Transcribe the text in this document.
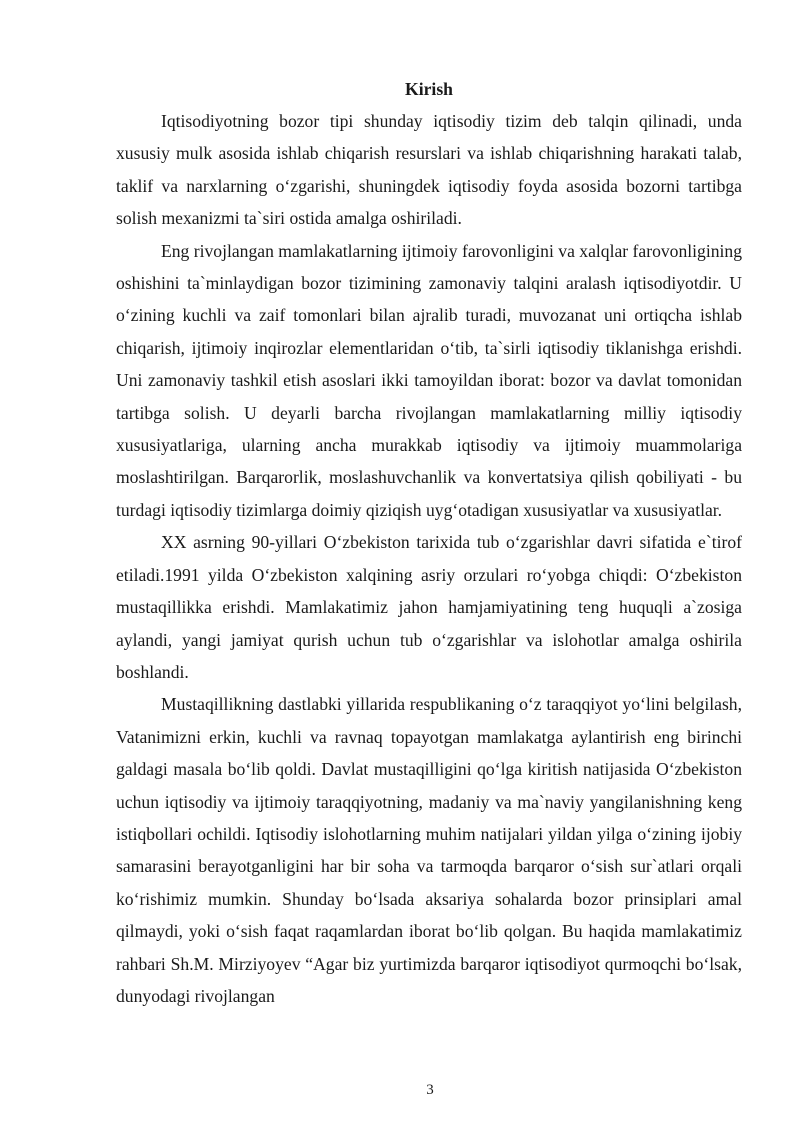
Kirish

Iqtisodiyotning bozor tipi shunday iqtisodiy tizim deb talqin qilinadi, unda xususiy mulk asosida ishlab chiqarish resurslari va ishlab chiqarishning harakati talab, taklif va narxlarning o‘zgarishi, shuningdek iqtisodiy foyda asosida bozorni tartibga solish mexanizmi ta`siri ostida amalga oshiriladi.

Eng rivojlangan mamlakatlarning ijtimoiy farovonligini va xalqlar farovonligining oshishini ta`minlaydigan bozor tizimining zamonaviy talqini aralash iqtisodiyotdir. U o‘zining kuchli va zaif tomonlari bilan ajralib turadi, muvozanat uni ortiqcha ishlab chiqarish, ijtimoiy inqirozlar elementlaridan o‘tib, ta`sirli iqtisodiy tiklanishga erishdi. Uni zamonaviy tashkil etish asoslari ikki tamoyildan iborat: bozor va davlat tomonidan tartibga solish. U deyarli barcha rivojlangan mamlakatlarning milliy iqtisodiy xususiyatlariga, ularning ancha murakkab iqtisodiy va ijtimoiy muammolariga moslashtirilgan. Barqarorlik, moslashuvchanlik va konvertatsiya qilish qobiliyati - bu turdagi iqtisodiy tizimlarga doimiy qiziqish uyg‘otadigan xususiyatlar va xususiyatlar.

XX asrning 90-yillari O‘zbekiston tarixida tub o‘zgarishlar davri sifatida e`tirof etiladi.1991 yilda O‘zbekiston xalqining asriy orzulari ro‘yobga chiqdi: O‘zbekiston mustaqillikka erishdi. Mamlakatimiz jahon hamjamiyatining teng huquqli a`zosiga aylandi, yangi jamiyat qurish uchun tub o‘zgarishlar va islohotlar amalga oshirila boshlandi.

Mustaqillikning dastlabki yillarida respublikaning o‘z taraqqiyot yo‘lini belgilash, Vatanimizni erkin, kuchli va ravnaq topayotgan mamlakatga aylantirish eng birinchi galdagi masala bo‘lib qoldi. Davlat mustaqilligini qo‘lga kiritish natijasida O‘zbekiston uchun iqtisodiy va ijtimoiy taraqqiyotning, madaniy va ma`naviy yangilanishning keng istiqbollari ochildi. Iqtisodiy islohotlarning muhim natijalari yildan yilga o‘zining ijobiy samarasini berayotganligini har bir soha va tarmoqda barqaror o‘sish sur`atlari orqali ko‘rishimiz mumkin. Shunday bo‘lsada aksariya sohalarda bozor prinsiplari amal qilmaydi, yoki o‘sish faqat raqamlardan iborat bo‘lib qolgan. Bu haqida mamlakatimiz rahbari Sh.M. Mirziyoyev “Agar biz yurtimizda barqaror iqtisodiyot qurmoqchi bo‘lsak, dunyodagi rivojlangan

3
